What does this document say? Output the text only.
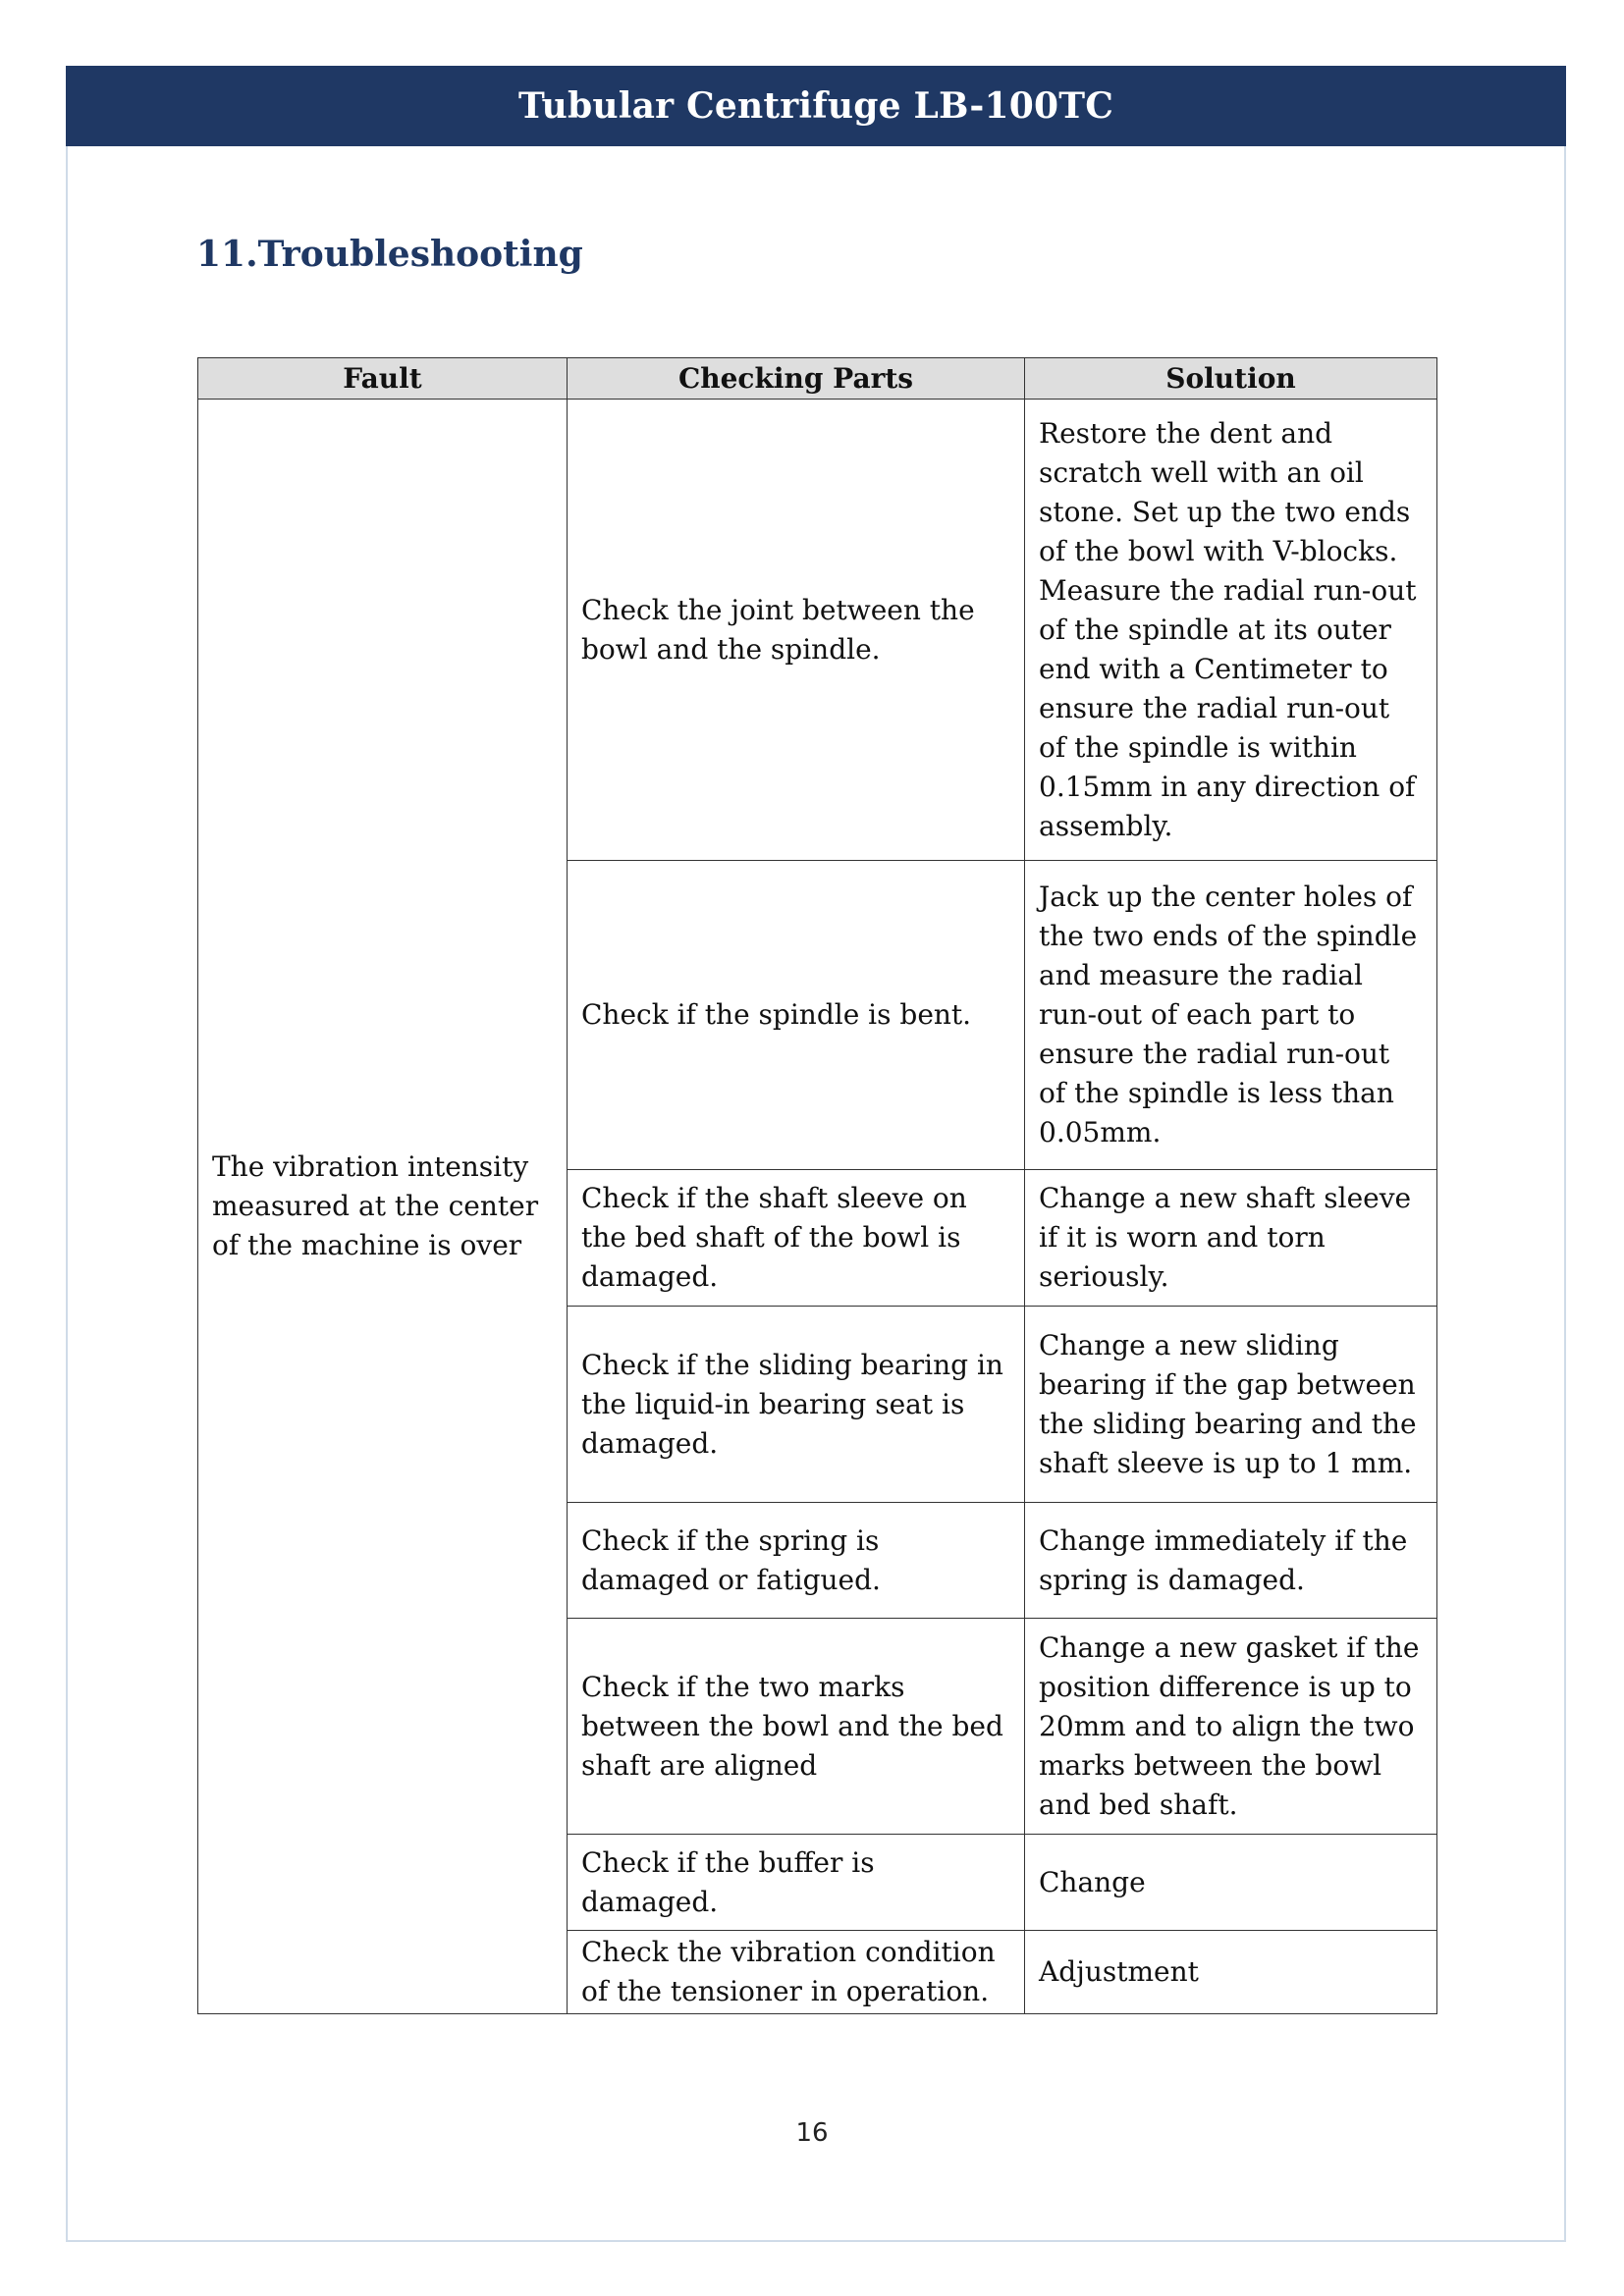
Tubular Centrifuge LB-100TC
11.Troubleshooting
Fault	Checking Parts	Solution
The vibration intensity measured at the center of the machine is over	Check the joint between the bowl and the spindle.	Restore the dent and scratch well with an oil stone. Set up the two ends of the bowl with V-blocks. Measure the radial run-out of the spindle at its outer end with a Centimeter to ensure the radial run-out of the spindle is within 0.15mm in any direction of assembly.
	Check if the spindle is bent.	Jack up the center holes of the two ends of the spindle and measure the radial run-out of each part to ensure the radial run-out of the spindle is less than 0.05mm.
	Check if the shaft sleeve on the bed shaft of the bowl is damaged.	Change a new shaft sleeve if it is worn and torn seriously.
	Check if the sliding bearing in the liquid-in bearing seat is damaged.	Change a new sliding bearing if the gap between the sliding bearing and the shaft sleeve is up to 1 mm.
	Check if the spring is damaged or fatigued.	Change immediately if the spring is damaged.
	Check if the two marks between the bowl and the bed shaft are aligned	Change a new gasket if the position difference is up to 20mm and to align the two marks between the bowl and bed shaft.
	Check if the buffer is damaged.	Change
	Check the vibration condition of the tensioner in operation.	Adjustment
16
